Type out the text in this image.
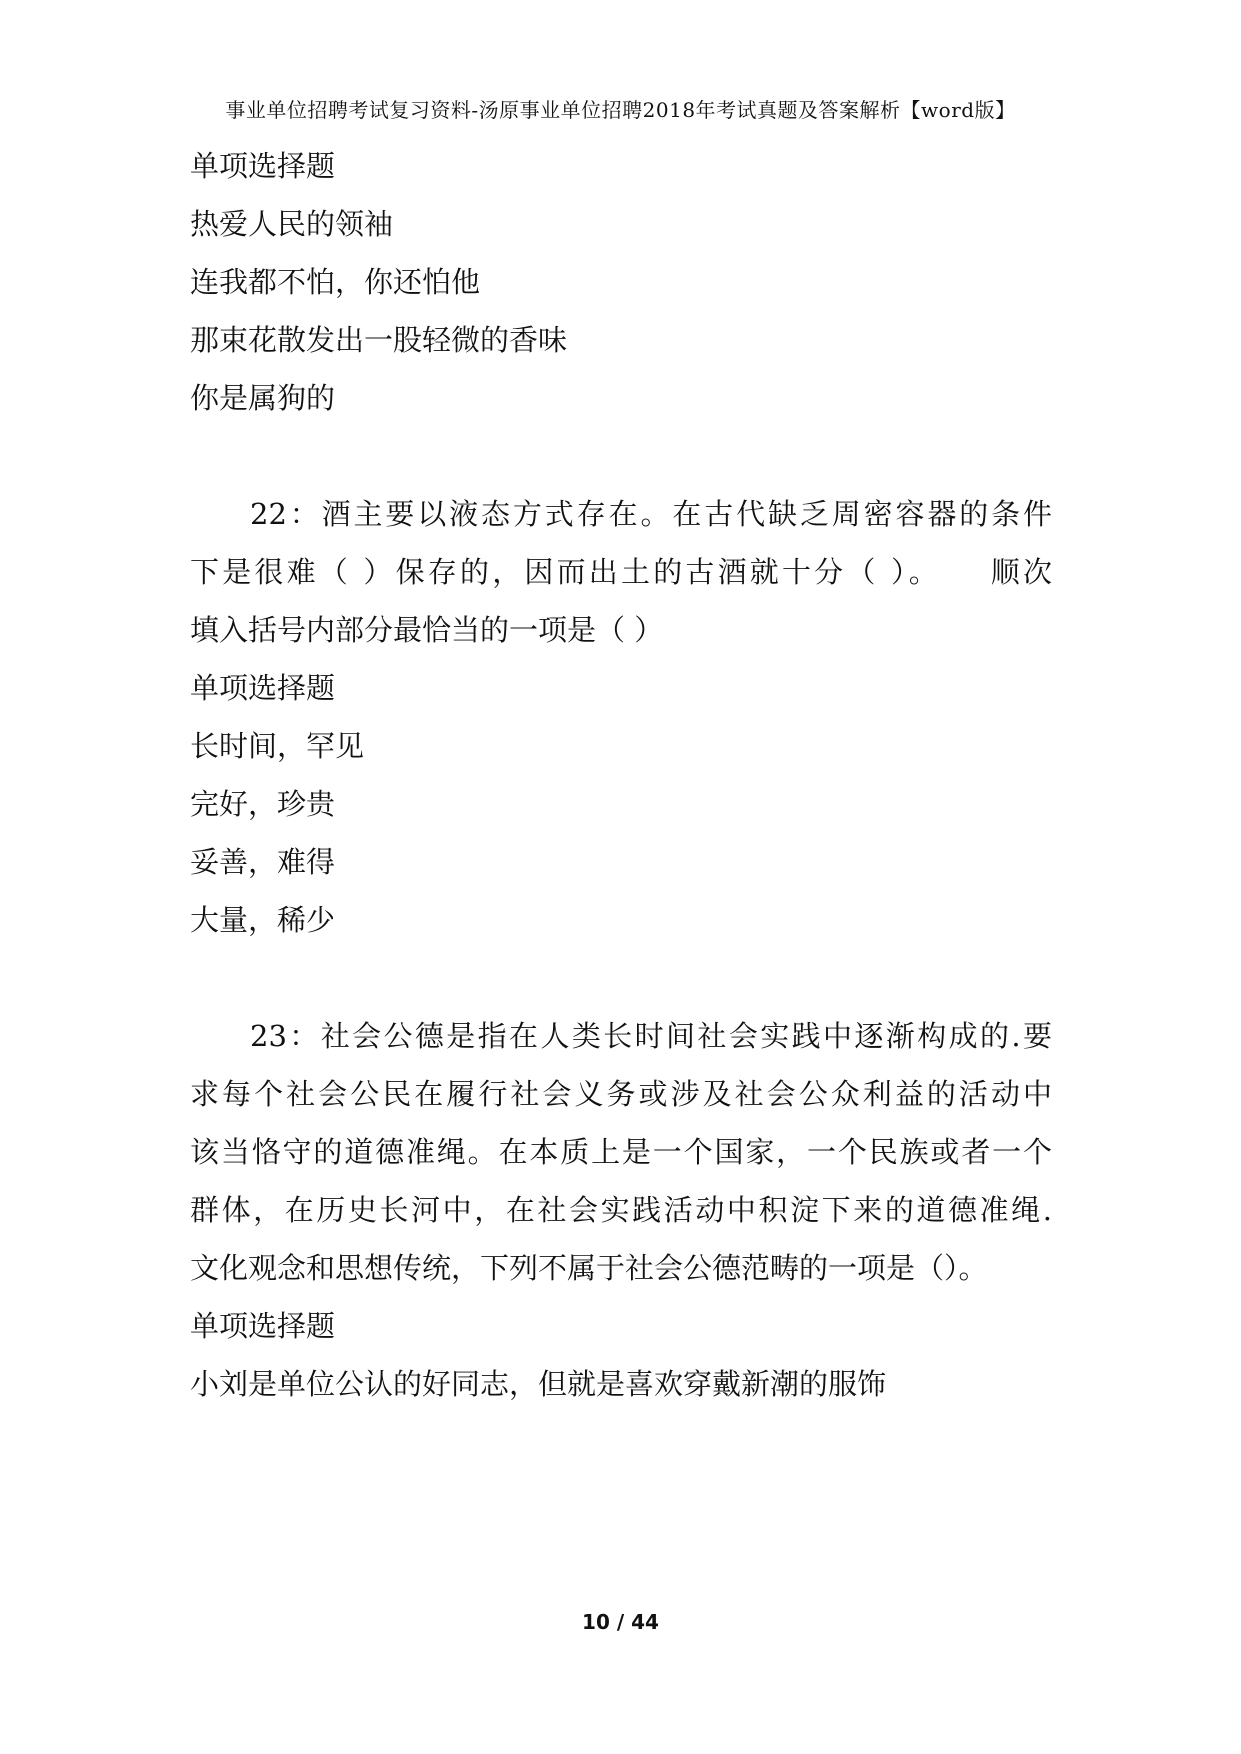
事业单位招聘考试复习资料-汤原事业单位招聘2018年考试真题及答案解析【word版】
单项选择题
热爱人民的领袖
连我都不怕，你还怕他
那束花散发出一股轻微的香味
你是属狗的
22：酒主要以液态方式存在。在古代缺乏周密容器的条件
下是很难（ ）保存的，因而出土的古酒就十分（ ）。　　顺次
填入括号内部分最恰当的一项是（ ）
单项选择题
长时间，罕见
完好，珍贵
妥善，难得
大量，稀少
23：社会公德是指在人类长时间社会实践中逐渐构成的.要
求每个社会公民在履行社会义务或涉及社会公众利益的活动中
该当恪守的道德准绳。在本质上是一个国家，一个民族或者一个
群体，在历史长河中，在社会实践活动中积淀下来的道德准绳.
文化观念和思想传统，下列不属于社会公德范畴的一项是（）。
单项选择题
小刘是单位公认的好同志，但就是喜欢穿戴新潮的服饰
10 / 44
